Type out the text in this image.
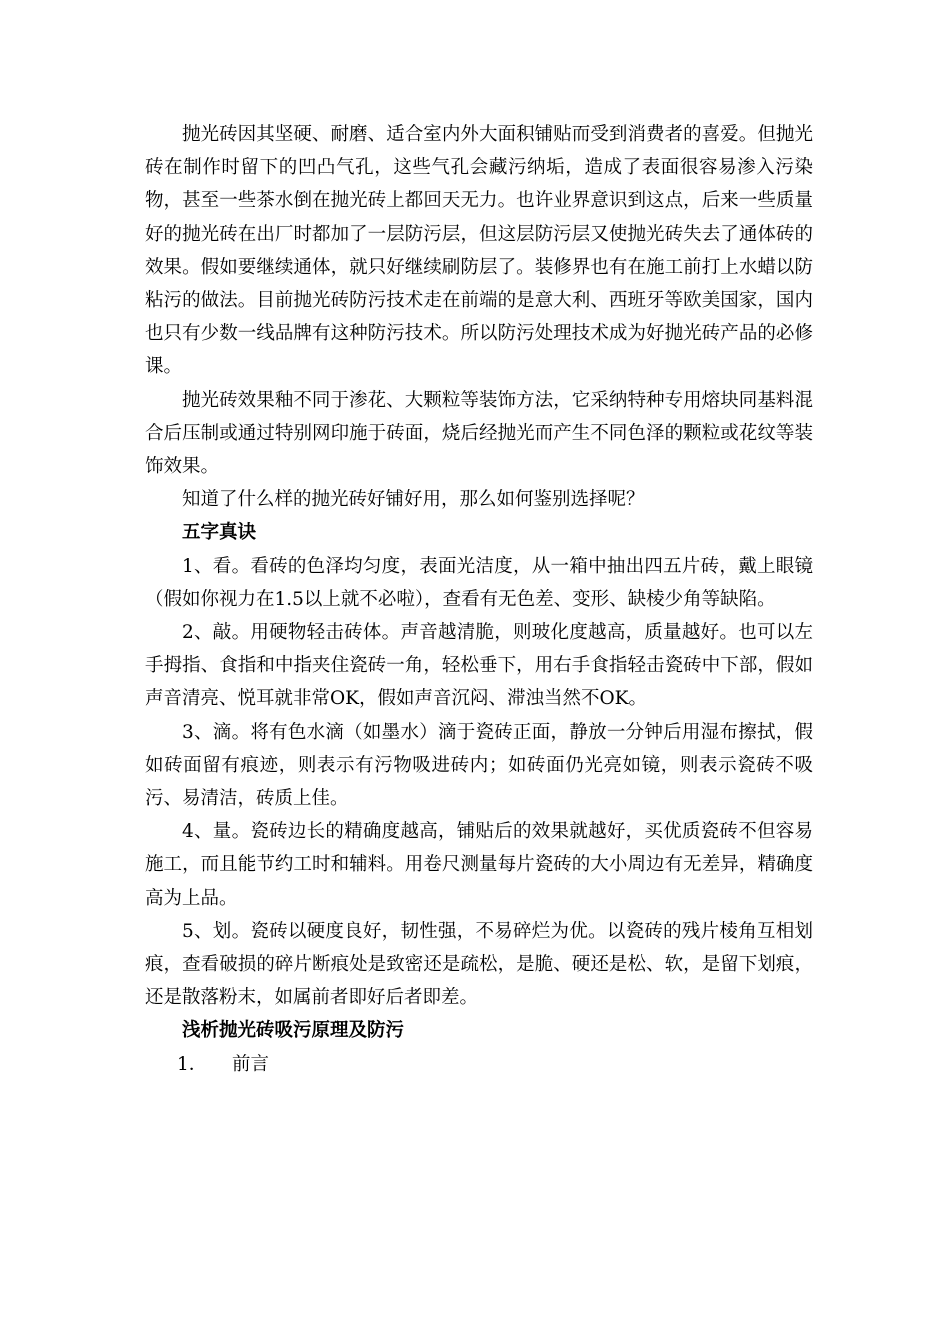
抛光砖因其坚硬、耐磨、适合室内外大面积铺贴而受到消费者的喜爱。但抛光砖在制作时留下的凹凸气孔，这些气孔会藏污纳垢，造成了表面很容易渗入污染物，甚至一些茶水倒在抛光砖上都回天无力。也许业界意识到这点，后来一些质量好的抛光砖在出厂时都加了一层防污层，但这层防污层又使抛光砖失去了通体砖的效果。假如要继续通体，就只好继续刷防层了。装修界也有在施工前打上水蜡以防粘污的做法。目前抛光砖防污技术走在前端的是意大利、西班牙等欧美国家，国内也只有少数一线品牌有这种防污技术。所以防污处理技术成为好抛光砖产品的必修课。

抛光砖效果釉不同于渗花、大颗粒等装饰方法，它采纳特种专用熔块同基料混合后压制或通过特别网印施于砖面，烧后经抛光而产生不同色泽的颗粒或花纹等装饰效果。

知道了什么样的抛光砖好铺好用，那么如何鉴别选择呢？

五字真诀

1、看。看砖的色泽均匀度，表面光洁度，从一箱中抽出四五片砖，戴上眼镜（假如你视力在1.5以上就不必啦），查看有无色差、变形、缺棱少角等缺陷。

2、敲。用硬物轻击砖体。声音越清脆，则玻化度越高，质量越好。也可以左手拇指、食指和中指夹住瓷砖一角，轻松垂下，用右手食指轻击瓷砖中下部，假如声音清亮、悦耳就非常OK，假如声音沉闷、滞浊当然不OK。

3、滴。将有色水滴（如墨水）滴于瓷砖正面，静放一分钟后用湿布擦拭，假如砖面留有痕迹，则表示有污物吸进砖内；如砖面仍光亮如镜，则表示瓷砖不吸污、易清洁，砖质上佳。

4、量。瓷砖边长的精确度越高，铺贴后的效果就越好，买优质瓷砖不但容易施工，而且能节约工时和辅料。用卷尺测量每片瓷砖的大小周边有无差异，精确度高为上品。

5、划。瓷砖以硬度良好，韧性强，不易碎烂为优。以瓷砖的残片棱角互相划痕，查看破损的碎片断痕处是致密还是疏松，是脆、硬还是松、软，是留下划痕，还是散落粉末，如属前者即好后者即差。

浅析抛光砖吸污原理及防污

1． 前言
